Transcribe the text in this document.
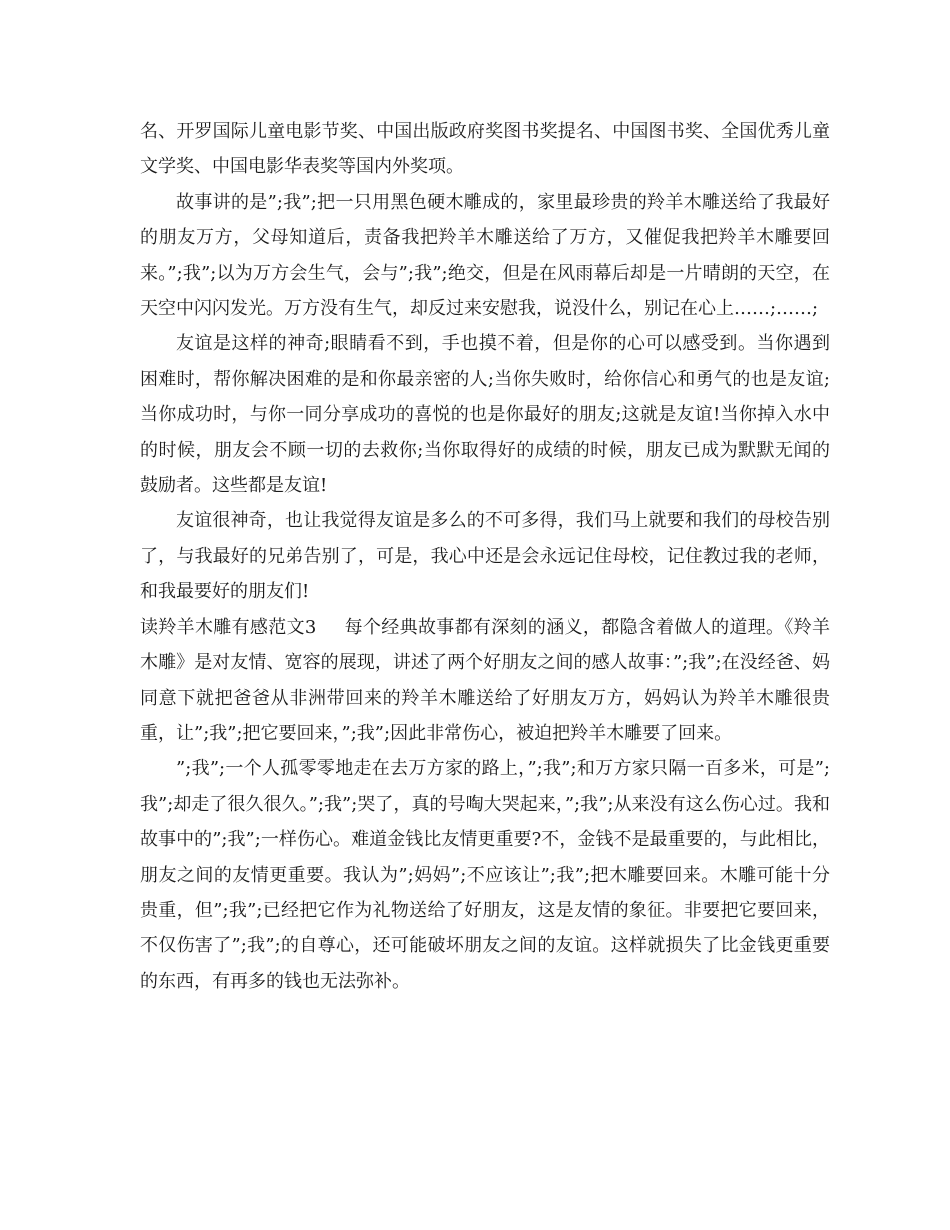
名、开罗国际儿童电影节奖、中国出版政府奖图书奖提名、中国图书奖、全国优秀儿童文学奖、中国电影华表奖等国内外奖项。

故事讲的是”;我”;把一只用黑色硬木雕成的，家里最珍贵的羚羊木雕送给了我最好的朋友万方，父母知道后，责备我把羚羊木雕送给了万方，又催促我把羚羊木雕要回来。”;我”;以为万方会生气，会与”;我”;绝交，但是在风雨幕后却是一片晴朗的天空，在天空中闪闪发光。万方没有生气，却反过来安慰我，说没什么，别记在心上……;……;

友谊是这样的神奇;眼睛看不到，手也摸不着，但是你的心可以感受到。当你遇到困难时，帮你解决困难的是和你最亲密的人;当你失败时，给你信心和勇气的也是友谊;当你成功时，与你一同分享成功的喜悦的也是你最好的朋友;这就是友谊!当你掉入水中的时候，朋友会不顾一切的去救你;当你取得好的成绩的时候，朋友已成为默默无闻的鼓励者。这些都是友谊!

友谊很神奇，也让我觉得友谊是多么的不可多得，我们马上就要和我们的母校告别了，与我最好的兄弟告别了，可是，我心中还是会永远记住母校，记住教过我的老师，和我最要好的朋友们!

读羚羊木雕有感范文3 每个经典故事都有深刻的涵义，都隐含着做人的道理。《羚羊木雕》是对友情、宽容的展现，讲述了两个好朋友之间的感人故事：”;我”;在没经爸、妈同意下就把爸爸从非洲带回来的羚羊木雕送给了好朋友万方，妈妈认为羚羊木雕很贵重，让”;我”;把它要回来，”;我”;因此非常伤心，被迫把羚羊木雕要了回来。

”;我”;一个人孤零零地走在去万方家的路上，”;我”;和万方家只隔一百多米，可是”;我”;却走了很久很久。”;我”;哭了，真的号啕大哭起来，”;我”;从来没有这么伤心过。我和故事中的”;我”;一样伤心。难道金钱比友情更重要?不，金钱不是最重要的，与此相比，朋友之间的友情更重要。我认为”;妈妈”;不应该让”;我”;把木雕要回来。木雕可能十分贵重，但”;我”;已经把它作为礼物送给了好朋友，这是友情的象征。非要把它要回来，不仅伤害了”;我”;的自尊心，还可能破坏朋友之间的友谊。这样就损失了比金钱更重要的东西，有再多的钱也无法弥补。
